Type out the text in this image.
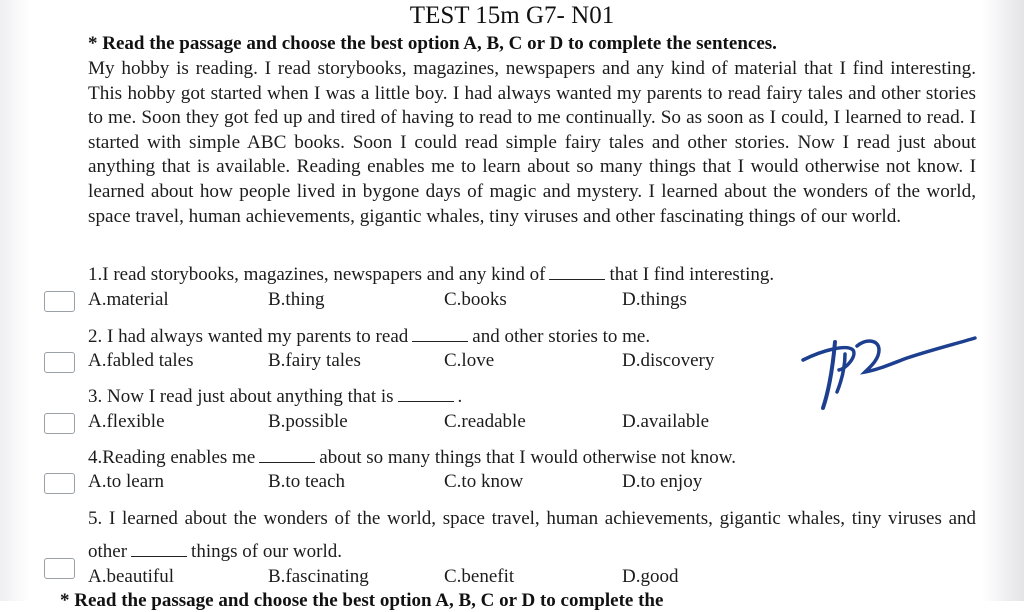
TEST 15m G7- N01
* Read the passage and choose the best option A, B, C or D to complete the sentences.
My hobby is reading. I read storybooks, magazines, newspapers and any kind of material that I find interesting. This hobby got started when I was a little boy. I had always wanted my parents to read fairy tales and other stories to me. Soon they got fed up and tired of having to read to me continually. So as soon as I could, I learned to read. I started with simple ABC books. Soon I could read simple fairy tales and other stories. Now I read just about anything that is available. Reading enables me to learn about so many things that I would otherwise not know. I learned about how people lived in bygone days of magic and mystery. I learned about the wonders of the world, space travel, human achievements, gigantic whales, tiny viruses and other fascinating things of our world.
1.I read storybooks, magazines, newspapers and any kind of	that I find interesting.
A.material	B.thing	C.books	D.things
2. I had always wanted my parents to read	and other stories to me.
A.fabled tales	B.fairy tales	C.love	D.discovery
3. Now I read just about anything that is	.
A.flexible	B.possible	C.readable	D.available
4.Reading enables me	about so many things that I would otherwise not know.
A.to learn	B.to teach	C.to know	D.to enjoy
5. I learned about the wonders of the world, space travel, human achievements, gigantic whales, tiny viruses and other	things of our world.
A.beautiful	B.fascinating	C.benefit	D.good
* Read the passage and choose the best option A, B, C or D to complete the
